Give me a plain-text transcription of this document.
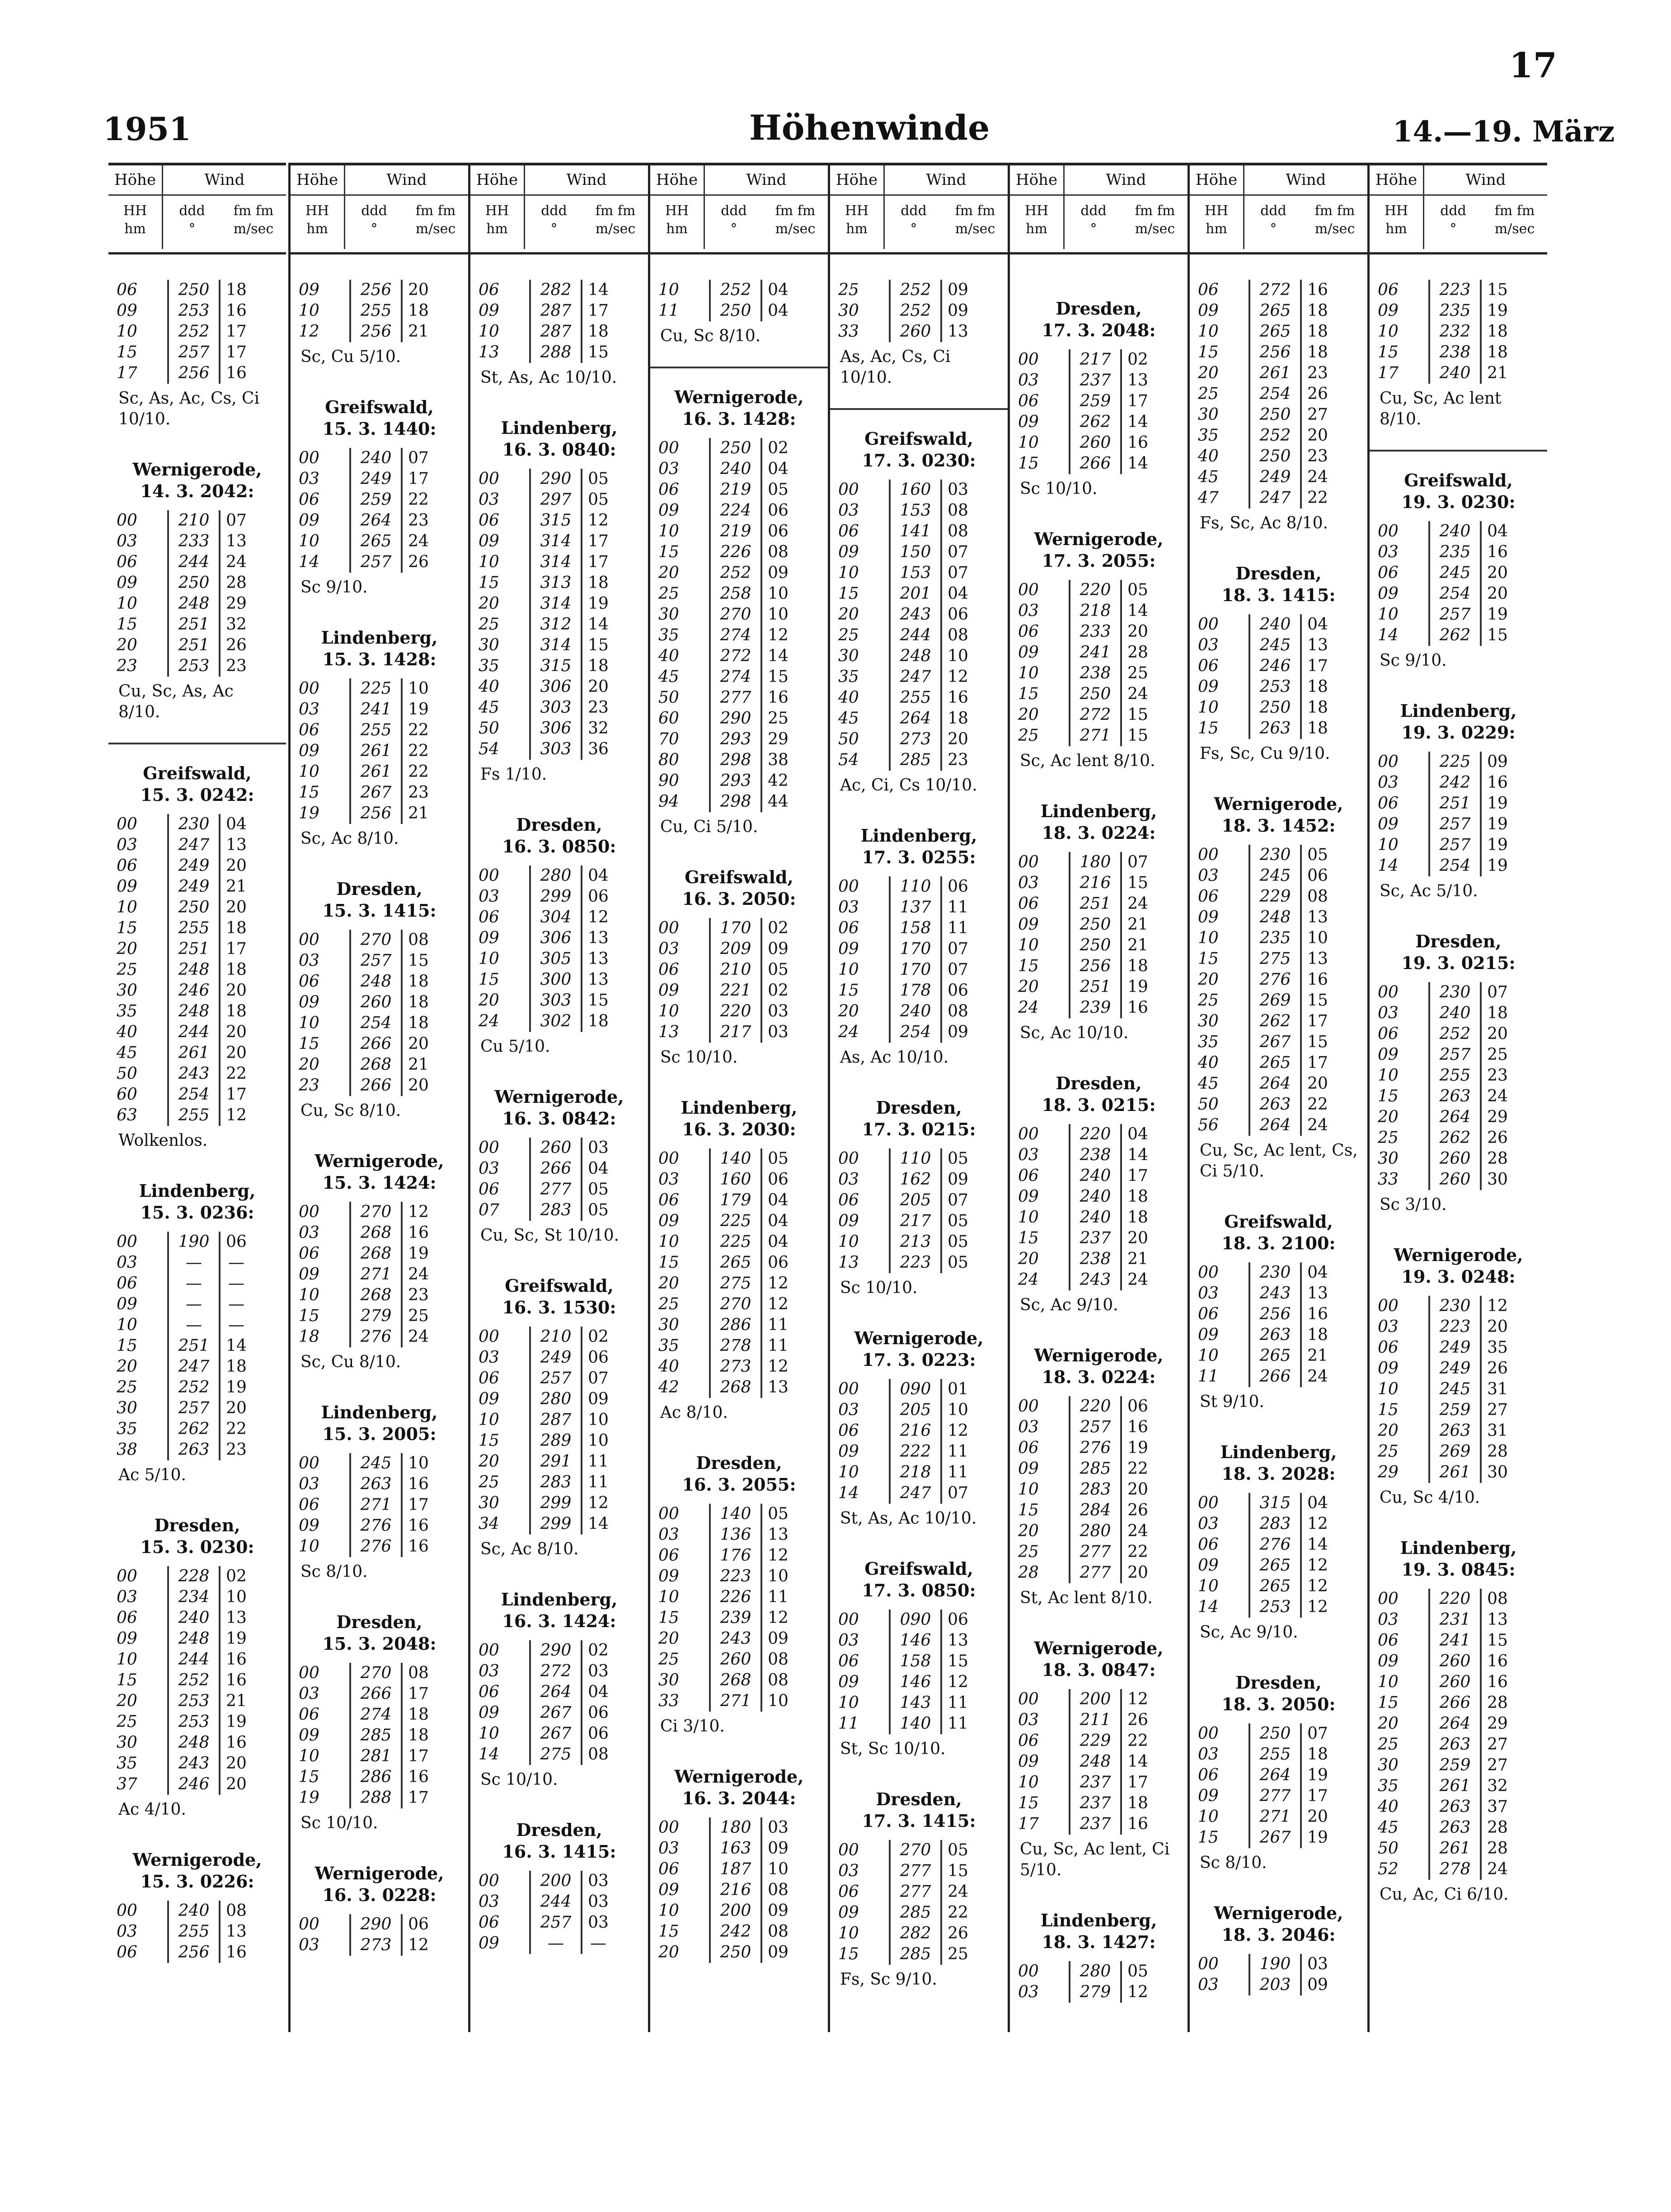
17
1951	Höhenwinde	14.—19. März
Höhe	Wind
HH
hm
ddd
°
fm fm
m/sec
06	250	18
09	253	16
10	252	17
15	257	17
17	256	16
Sc, As, Ac, Cs, Ci 10/10.
Wernigerode,
14. 3. 2042:
00	210	07
03	233	13
06	244	24
09	250	28
10	248	29
15	251	32
20	251	26
23	253	23
Cu, Sc, As, Ac 8/10.
Greifswald,
15. 3. 0242:
00	230	04
03	247	13
06	249	20
09	249	21
10	250	20
15	255	18
20	251	17
25	248	18
30	246	20
35	248	18
40	244	20
45	261	20
50	243	22
60	254	17
63	255	12
Wolkenlos.
Lindenberg,
15. 3. 0236:
00	190	06
03	—	—
06	—	—
09	—	—
10	—	—
15	251	14
20	247	18
25	252	19
30	257	20
35	262	22
38	263	23
Ac 5/10.
Dresden,
15. 3. 0230:
00	228	02
03	234	10
06	240	13
09	248	19
10	244	16
15	252	16
20	253	21
25	253	19
30	248	16
35	243	20
37	246	20
Ac 4/10.
Wernigerode,
15. 3. 0226:
00	240	08
03	255	13
06	256	16
Höhe	Wind
HH
hm
ddd
°
fm fm
m/sec
09	256	20
10	255	18
12	256	21
Sc, Cu 5/10.
Greifswald,
15. 3. 1440:
00	240	07
03	249	17
06	259	22
09	264	23
10	265	24
14	257	26
Sc 9/10.
Lindenberg,
15. 3. 1428:
00	225	10
03	241	19
06	255	22
09	261	22
10	261	22
15	267	23
19	256	21
Sc, Ac 8/10.
Dresden,
15. 3. 1415:
00	270	08
03	257	15
06	248	18
09	260	18
10	254	18
15	266	20
20	268	21
23	266	20
Cu, Sc 8/10.
Wernigerode,
15. 3. 1424:
00	270	12
03	268	16
06	268	19
09	271	24
10	268	23
15	279	25
18	276	24
Sc, Cu 8/10.
Lindenberg,
15. 3. 2005:
00	245	10
03	263	16
06	271	17
09	276	16
10	276	16
Sc 8/10.
Dresden,
15. 3. 2048:
00	270	08
03	266	17
06	274	18
09	285	18
10	281	17
15	286	16
19	288	17
Sc 10/10.
Wernigerode,
16. 3. 0228:
00	290	06
03	273	12
Höhe	Wind
HH
hm
ddd
°
fm fm
m/sec
06	282	14
09	287	17
10	287	18
13	288	15
St, As, Ac 10/10.
Lindenberg,
16. 3. 0840:
00	290	05
03	297	05
06	315	12
09	314	17
10	314	17
15	313	18
20	314	19
25	312	14
30	314	15
35	315	18
40	306	20
45	303	23
50	306	32
54	303	36
Fs 1/10.
Dresden,
16. 3. 0850:
00	280	04
03	299	06
06	304	12
09	306	13
10	305	13
15	300	13
20	303	15
24	302	18
Cu 5/10.
Wernigerode,
16. 3. 0842:
00	260	03
03	266	04
06	277	05
07	283	05
Cu, Sc, St 10/10.
Greifswald,
16. 3. 1530:
00	210	02
03	249	06
06	257	07
09	280	09
10	287	10
15	289	10
20	291	11
25	283	11
30	299	12
34	299	14
Sc, Ac 8/10.
Lindenberg,
16. 3. 1424:
00	290	02
03	272	03
06	264	04
09	267	06
10	267	06
14	275	08
Sc 10/10.
Dresden,
16. 3. 1415:
00	200	03
03	244	03
06	257	03
09	—	—
Höhe	Wind
HH
hm
ddd
°
fm fm
m/sec
10	252	04
11	250	04
Cu, Sc 8/10.
Wernigerode,
16. 3. 1428:
00	250	02
03	240	04
06	219	05
09	224	06
10	219	06
15	226	08
20	252	09
25	258	10
30	270	10
35	274	12
40	272	14
45	274	15
50	277	16
60	290	25
70	293	29
80	298	38
90	293	42
94	298	44
Cu, Ci 5/10.
Greifswald,
16. 3. 2050:
00	170	02
03	209	09
06	210	05
09	221	02
10	220	03
13	217	03
Sc 10/10.
Lindenberg,
16. 3. 2030:
00	140	05
03	160	06
06	179	04
09	225	04
10	225	04
15	265	06
20	275	12
25	270	12
30	286	11
35	278	11
40	273	12
42	268	13
Ac 8/10.
Dresden,
16. 3. 2055:
00	140	05
03	136	13
06	176	12
09	223	10
10	226	11
15	239	12
20	243	09
25	260	08
30	268	08
33	271	10
Ci 3/10.
Wernigerode,
16. 3. 2044:
00	180	03
03	163	09
06	187	10
09	216	08
10	200	09
15	242	08
20	250	09
Höhe	Wind
HH
hm
ddd
°
fm fm
m/sec
25	252	09
30	252	09
33	260	13
As, Ac, Cs, Ci 10/10.
Greifswald,
17. 3. 0230:
00	160	03
03	153	08
06	141	08
09	150	07
10	153	07
15	201	04
20	243	06
25	244	08
30	248	10
35	247	12
40	255	16
45	264	18
50	273	20
54	285	23
Ac, Ci, Cs 10/10.
Lindenberg,
17. 3. 0255:
00	110	06
03	137	11
06	158	11
09	170	07
10	170	07
15	178	06
20	240	08
24	254	09
As, Ac 10/10.
Dresden,
17. 3. 0215:
00	110	05
03	162	09
06	205	07
09	217	05
10	213	05
13	223	05
Sc 10/10.
Wernigerode,
17. 3. 0223:
00	090	01
03	205	10
06	216	12
09	222	11
10	218	11
14	247	07
St, As, Ac 10/10.
Greifswald,
17. 3. 0850:
00	090	06
03	146	13
06	158	15
09	146	12
10	143	11
11	140	11
St, Sc 10/10.
Dresden,
17. 3. 1415:
00	270	05
03	277	15
06	277	24
09	285	22
10	282	26
15	285	25
Fs, Sc 9/10.
Höhe	Wind
HH
hm
ddd
°
fm fm
m/sec
Dresden,
17. 3. 2048:
00	217	02
03	237	13
06	259	17
09	262	14
10	260	16
15	266	14
Sc 10/10.
Wernigerode,
17. 3. 2055:
00	220	05
03	218	14
06	233	20
09	241	28
10	238	25
15	250	24
20	272	15
25	271	15
Sc, Ac lent 8/10.
Lindenberg,
18. 3. 0224:
00	180	07
03	216	15
06	251	24
09	250	21
10	250	21
15	256	18
20	251	19
24	239	16
Sc, Ac 10/10.
Dresden,
18. 3. 0215:
00	220	04
03	238	14
06	240	17
09	240	18
10	240	18
15	237	20
20	238	21
24	243	24
Sc, Ac 9/10.
Wernigerode,
18. 3. 0224:
00	220	06
03	257	16
06	276	19
09	285	22
10	283	20
15	284	26
20	280	24
25	277	22
28	277	20
St, Ac lent 8/10.
Wernigerode,
18. 3. 0847:
00	200	12
03	211	26
06	229	22
09	248	14
10	237	17
15	237	18
17	237	16
Cu, Sc, Ac lent, Ci 5/10.
Lindenberg,
18. 3. 1427:
00	280	05
03	279	12
Höhe	Wind
HH
hm
ddd
°
fm fm
m/sec
06	272	16
09	265	18
10	265	18
15	256	18
20	261	23
25	254	26
30	250	27
35	252	20
40	250	23
45	249	24
47	247	22
Fs, Sc, Ac 8/10.
Dresden,
18. 3. 1415:
00	240	04
03	245	13
06	246	17
09	253	18
10	250	18
15	263	18
Fs, Sc, Cu 9/10.
Wernigerode,
18. 3. 1452:
00	230	05
03	245	06
06	229	08
09	248	13
10	235	10
15	275	13
20	276	16
25	269	15
30	262	17
35	267	15
40	265	17
45	264	20
50	263	22
56	264	24
Cu, Sc, Ac lent, Cs, Ci 5/10.
Greifswald,
18. 3. 2100:
00	230	04
03	243	13
06	256	16
09	263	18
10	265	21
11	266	24
St 9/10.
Lindenberg,
18. 3. 2028:
00	315	04
03	283	12
06	276	14
09	265	12
10	265	12
14	253	12
Sc, Ac 9/10.
Dresden,
18. 3. 2050:
00	250	07
03	255	18
06	264	19
09	277	17
10	271	20
15	267	19
Sc 8/10.
Wernigerode,
18. 3. 2046:
00	190	03
03	203	09
Höhe	Wind
HH
hm
ddd
°
fm fm
m/sec
06	223	15
09	235	19
10	232	18
15	238	18
17	240	21
Cu, Sc, Ac lent 8/10.
Greifswald,
19. 3. 0230:
00	240	04
03	235	16
06	245	20
09	254	20
10	257	19
14	262	15
Sc 9/10.
Lindenberg,
19. 3. 0229:
00	225	09
03	242	16
06	251	19
09	257	19
10	257	19
14	254	19
Sc, Ac 5/10.
Dresden,
19. 3. 0215:
00	230	07
03	240	18
06	252	20
09	257	25
10	255	23
15	263	24
20	264	29
25	262	26
30	260	28
33	260	30
Sc 3/10.
Wernigerode,
19. 3. 0248:
00	230	12
03	223	20
06	249	35
09	249	26
10	245	31
15	259	27
20	263	31
25	269	28
29	261	30
Cu, Sc 4/10.
Lindenberg,
19. 3. 0845:
00	220	08
03	231	13
06	241	15
09	260	16
10	260	16
15	266	28
20	264	29
25	263	27
30	259	27
35	261	32
40	263	37
45	263	28
50	261	28
52	278	24
Cu, Ac, Ci 6/10.
